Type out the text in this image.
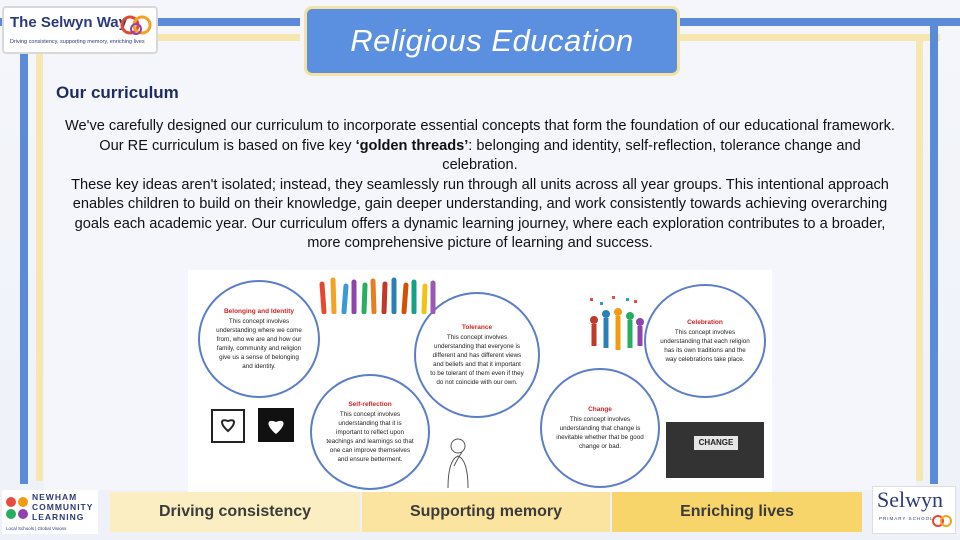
The Selwyn Way
Driving consistency, supporting memory, enriching lives	Religious Education
Our curriculum

We've carefully designed our curriculum to incorporate essential concepts that form the foundation of our educational framework. Our RE curriculum is based on five key ‘golden threads’: belonging and identity, self-reflection, tolerance change and celebration.

These key ideas aren't isolated; instead, they seamlessly run through all units across all year groups. This intentional approach enables children to build on their knowledge, gain deeper understanding, and work consistently towards achieving overarching goals each academic year. Our curriculum offers a dynamic learning journey, where each exploration contributes to a broader, more comprehensive picture of learning and success.

Belonging and Identity
This concept involves understanding where we come from, who we are and how our family, community and religion give us a sense of belonging and identity.
Self-reflection
This concept involves understanding that it is important to reflect upon teachings and learnings so that one can improve themselves and ensure betterment.
Tolerance
This concept involves understanding that everyone is different and has different views and beliefs and that it important to be tolerant of them even if they do not coincide with our own.
Change
This concept involves understanding that change is inevitable whether that be good change or bad.
Celebration
This concept involves understanding that each religion has its own traditions and the way celebrations take place.
CHANGE
NEWHAM
COMMUNITY
LEARNING
Local Schools | Global Visions
Driving consistency	Supporting memory	Enriching lives	Selwyn
PRIMARY SCHOOL
